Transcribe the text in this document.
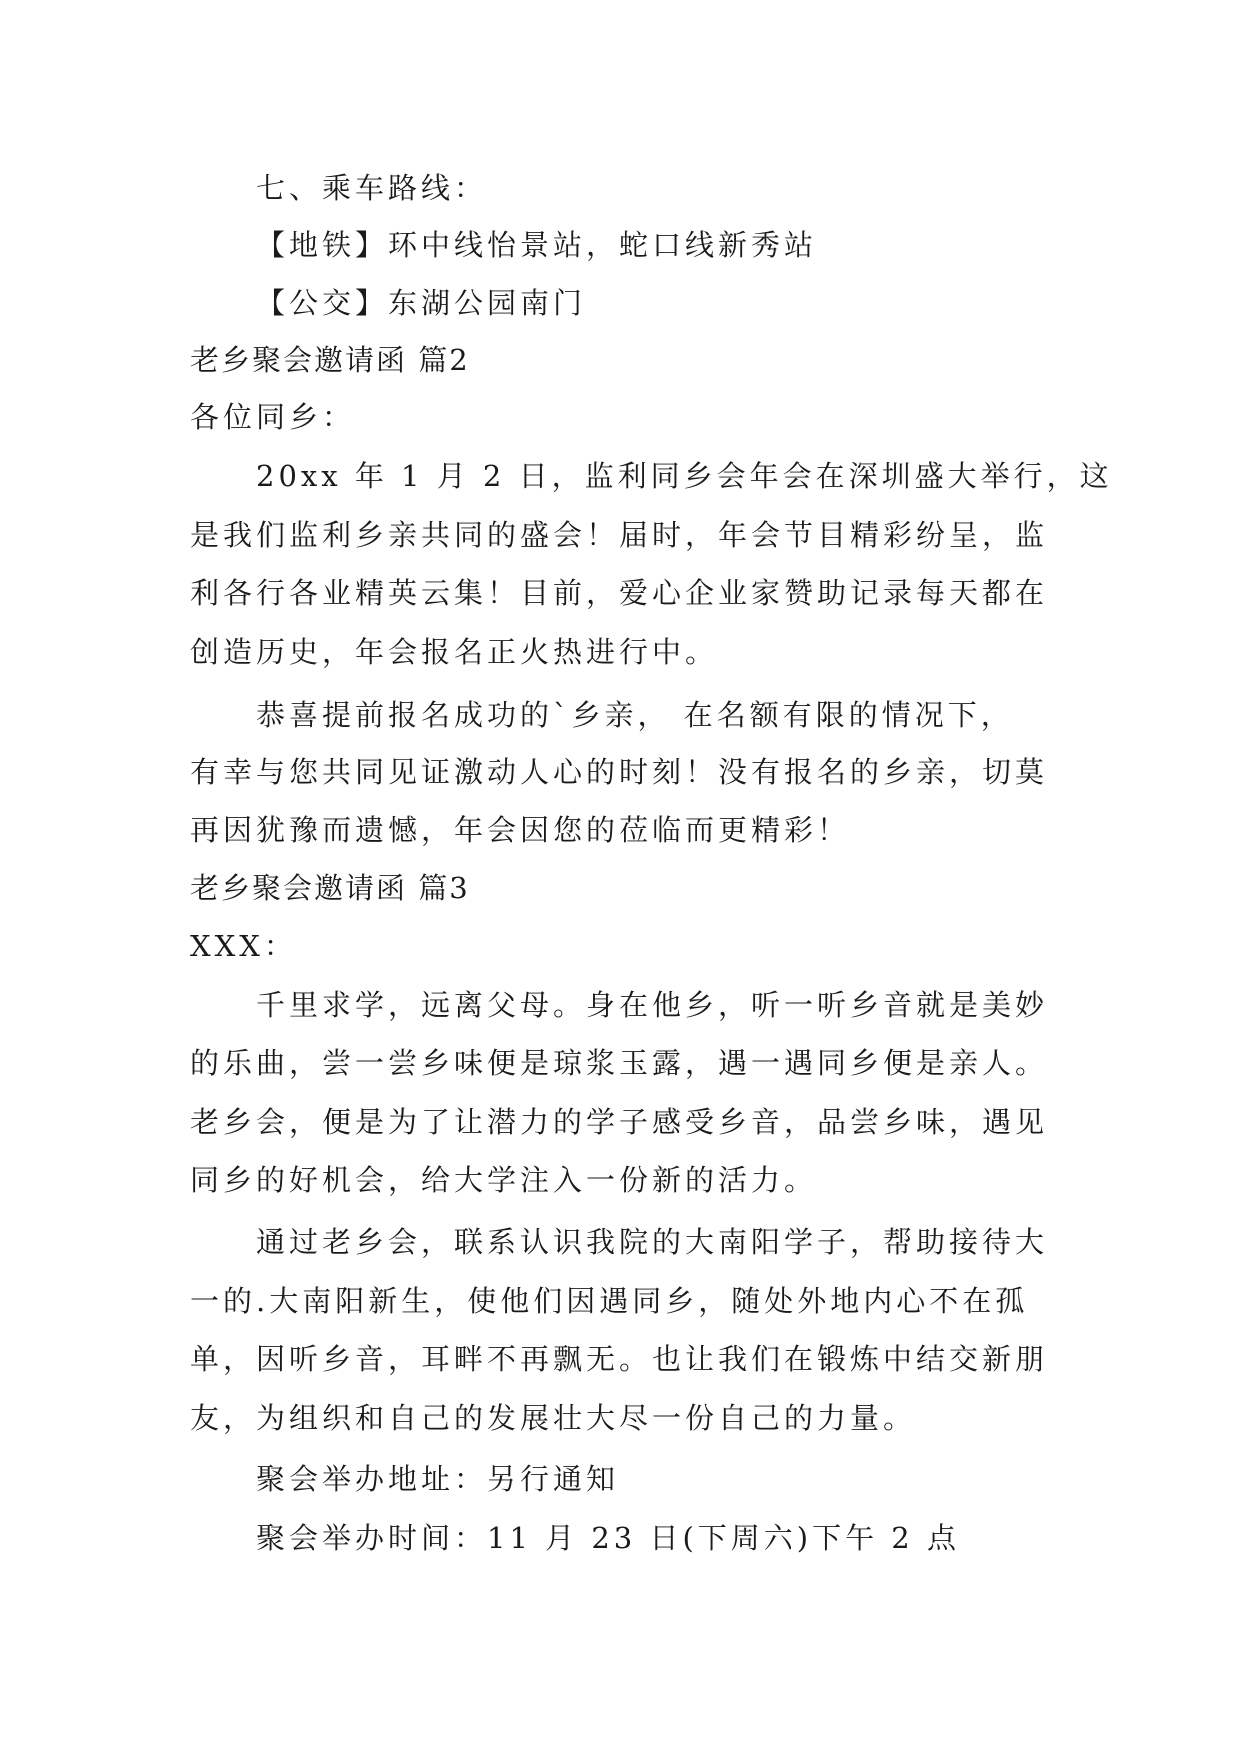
七、乘车路线：
【地铁】环中线怡景站，蛇口线新秀站
【公交】东湖公园南门
老乡聚会邀请函 篇2
各位同乡：
20xx 年 1 月 2 日，监利同乡会年会在深圳盛大举行，这
是我们监利乡亲共同的盛会！届时，年会节目精彩纷呈，监
利各行各业精英云集！目前，爱心企业家赞助记录每天都在
创造历史，年会报名正火热进行中。
恭喜提前报名成功的`乡亲， 在名额有限的情况下，
有幸与您共同见证激动人心的时刻！没有报名的乡亲，切莫
再因犹豫而遗憾，年会因您的莅临而更精彩！
老乡聚会邀请函 篇3
XXX：
千里求学，远离父母。身在他乡，听一听乡音就是美妙
的乐曲，尝一尝乡味便是琼浆玉露，遇一遇同乡便是亲人。
老乡会，便是为了让潜力的学子感受乡音，品尝乡味，遇见
同乡的好机会，给大学注入一份新的活力。
通过老乡会，联系认识我院的大南阳学子，帮助接待大
一的.大南阳新生，使他们因遇同乡，随处外地内心不在孤
单，因听乡音，耳畔不再飘无。也让我们在锻炼中结交新朋
友，为组织和自己的发展壮大尽一份自己的力量。
聚会举办地址：另行通知
聚会举办时间：11 月 23 日(下周六)下午 2 点
